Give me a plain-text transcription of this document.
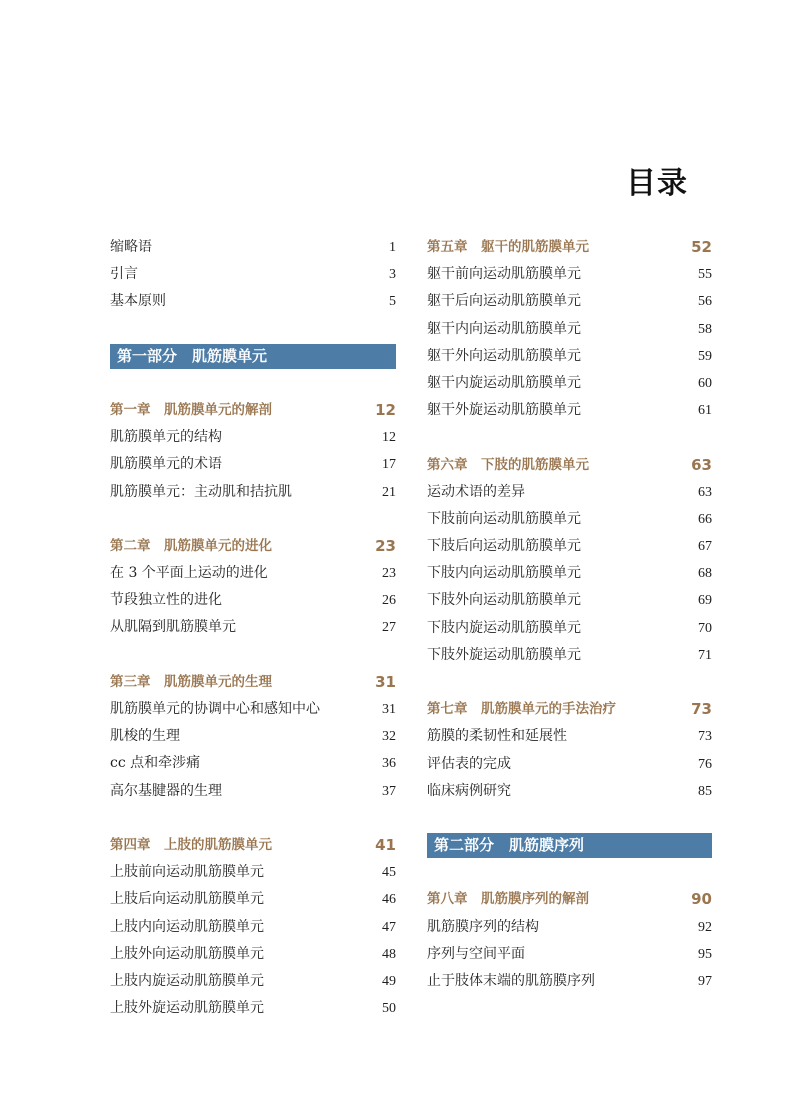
目录
缩略语	1
引言	3
基本原则	5
第一部分　肌筋膜单元
第一章　肌筋膜单元的解剖	12
肌筋膜单元的结构	12
肌筋膜单元的术语	17
肌筋膜单元：主动肌和拮抗肌	21
第二章　肌筋膜单元的进化	23
在 3 个平面上运动的进化	23
节段独立性的进化	26
从肌隔到肌筋膜单元	27
第三章　肌筋膜单元的生理	31
肌筋膜单元的协调中心和感知中心	31
肌梭的生理	32
cc 点和牵涉痛	36
高尔基腱器的生理	37
第四章　上肢的肌筋膜单元	41
上肢前向运动肌筋膜单元	45
上肢后向运动肌筋膜单元	46
上肢内向运动肌筋膜单元	47
上肢外向运动肌筋膜单元	48
上肢内旋运动肌筋膜单元	49
上肢外旋运动肌筋膜单元	50
第五章　躯干的肌筋膜单元	52
躯干前向运动肌筋膜单元	55
躯干后向运动肌筋膜单元	56
躯干内向运动肌筋膜单元	58
躯干外向运动肌筋膜单元	59
躯干内旋运动肌筋膜单元	60
躯干外旋运动肌筋膜单元	61
第六章　下肢的肌筋膜单元	63
运动术语的差异	63
下肢前向运动肌筋膜单元	66
下肢后向运动肌筋膜单元	67
下肢内向运动肌筋膜单元	68
下肢外向运动肌筋膜单元	69
下肢内旋运动肌筋膜单元	70
下肢外旋运动肌筋膜单元	71
第七章　肌筋膜单元的手法治疗	73
筋膜的柔韧性和延展性	73
评估表的完成	76
临床病例研究	85
第二部分　肌筋膜序列
第八章　肌筋膜序列的解剖	90
肌筋膜序列的结构	92
序列与空间平面	95
止于肢体末端的肌筋膜序列	97
